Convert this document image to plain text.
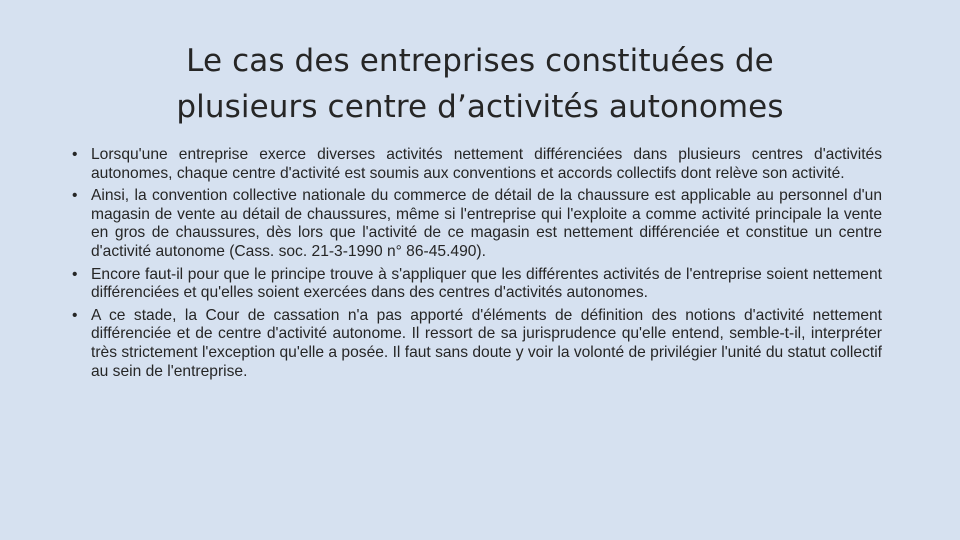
Le cas des entreprises constituées de
plusieurs centre d’activités autonomes
• Lorsqu'une entreprise exerce diverses activités nettement différenciées dans plusieurs centres d'activités autonomes, chaque centre d'activité est soumis aux conventions et accords collectifs dont relève son activité.
• Ainsi, la convention collective nationale du commerce de détail de la chaussure est applicable au personnel d'un magasin de vente au détail de chaussures, même si l'entreprise qui l'exploite a comme activité principale la vente en gros de chaussures, dès lors que l'activité de ce magasin est nettement différenciée et constitue un centre d'activité autonome (Cass. soc. 21-3-1990 n° 86-45.490).
• Encore faut-il pour que le principe trouve à s'appliquer que les différentes activités de l'entreprise soient nettement différenciées et qu'elles soient exercées dans des centres d'activités autonomes.
• A ce stade, la Cour de cassation n'a pas apporté d'éléments de définition des notions d'activité nettement différenciée et de centre d'activité autonome. Il ressort de sa jurisprudence qu'elle entend, semble-t-il, interpréter très strictement l'exception qu'elle a posée. Il faut sans doute y voir la volonté de privilégier l'unité du statut collectif au sein de l'entreprise.
